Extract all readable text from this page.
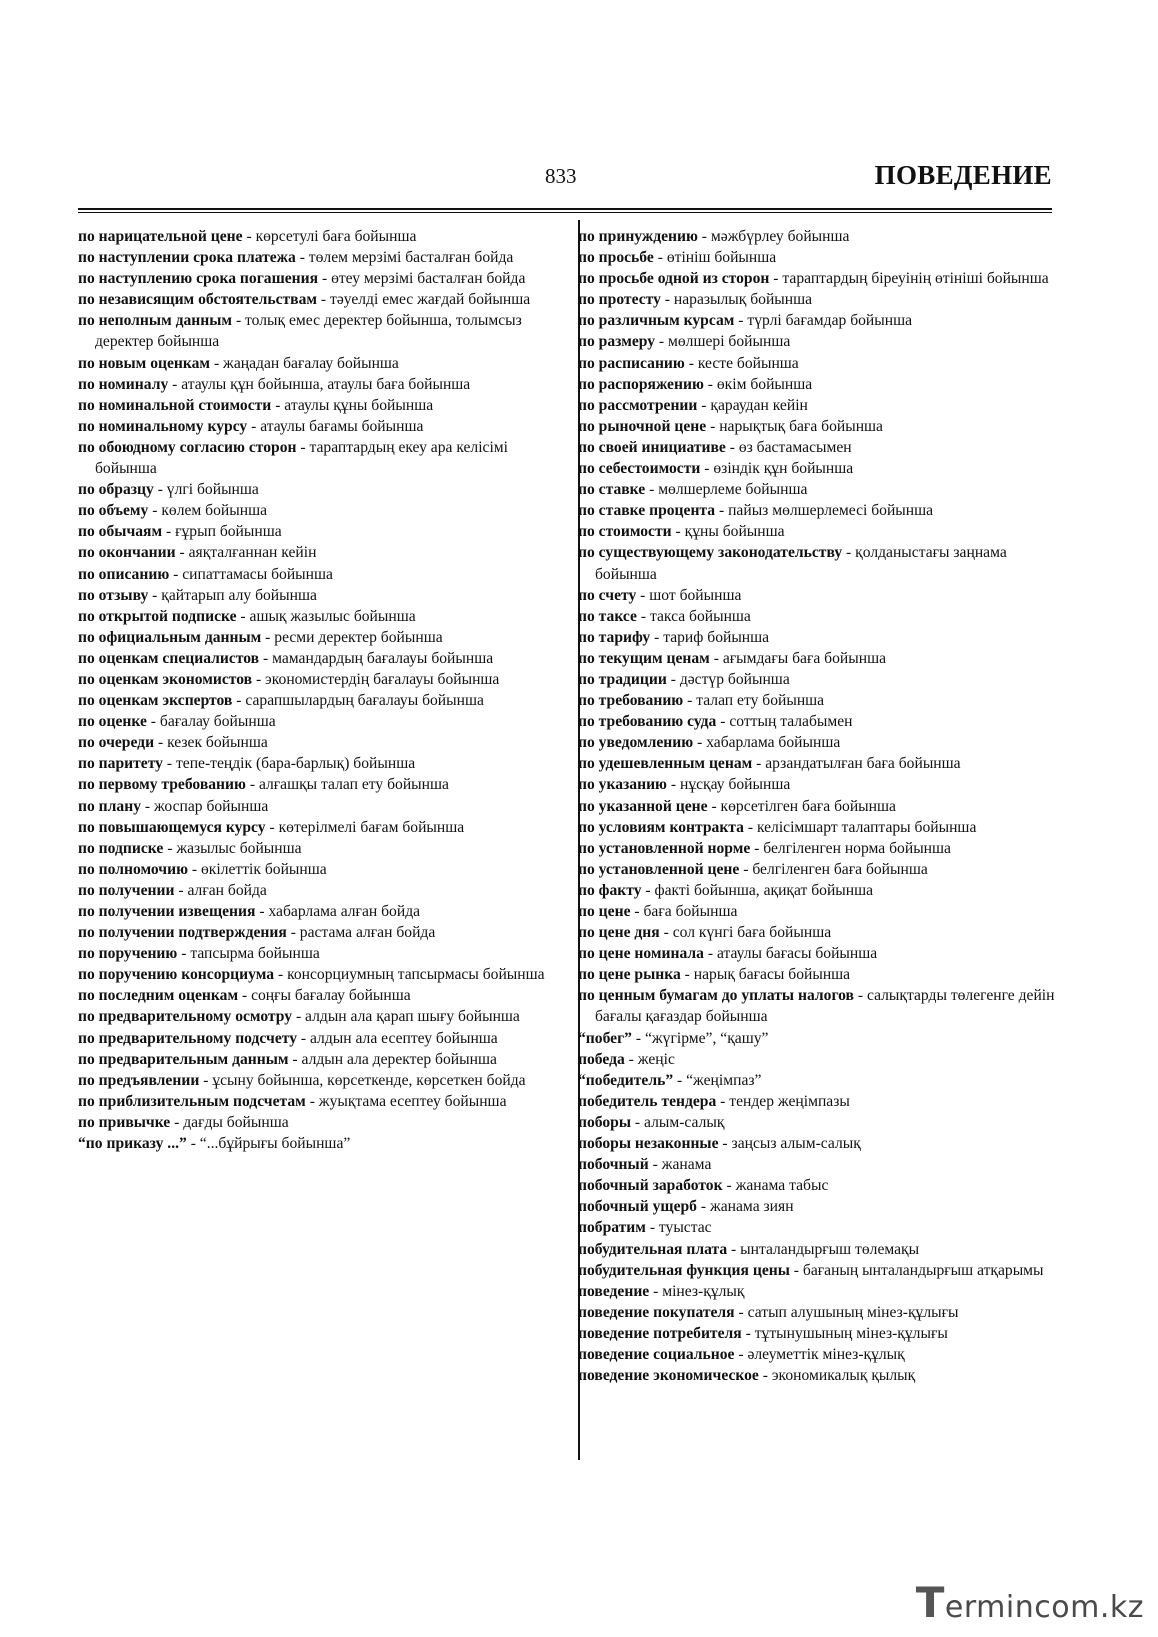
833	ПОВЕДЕНИЕ
по нарицательной цене - көрсетулі баға бойынша
по наступлении срока платежа - төлем мерзімі басталған бойда
по наступлению срока погашения - өтеу мерзімі басталған бойда
по независящим обстоятельствам - тәуелді емес жағдай бойынша
по неполным данным - толық емес деректер бойынша, толымсыз деректер бойынша
по новым оценкам - жаңадан бағалау бойынша
по номиналу - атаулы құн бойынша, атаулы баға бойынша
по номинальной стоимости - атаулы құны бойынша
по номинальному курсу - атаулы бағамы бойынша
по обоюдному согласию сторон - тараптардың екеу ара келісімі бойынша
по образцу - үлгі бойынша
по объему - көлем бойынша
по обычаям - ғұрып бойынша
по окончании - аяқталғаннан кейін
по описанию - сипаттамасы бойынша
по отзыву - қайтарып алу бойынша
по открытой подписке - ашық жазылыс бойынша
по официальным данным - ресми деректер бойынша
по оценкам специалистов - мамандардың бағалауы бойынша
по оценкам экономистов - экономистердің бағалауы бойынша
по оценкам экспертов - сарапшылардың бағалауы бойынша
по оценке - бағалау бойынша
по очереди - кезек бойынша
по паритету - тепе-теңдік (бара-барлық) бойынша
по первому требованию - алғашқы талап ету бойынша
по плану - жоспар бойынша
по повышающемуся курсу - көтерілмелі бағам бойынша
по подписке - жазылыс бойынша
по полномочию - өкілеттік бойынша
по получении - алған бойда
по получении извещения - хабарлама алған бойда
по получении подтверждения - растама алған бойда
по поручению - тапсырма бойынша
по поручению консорциума - консорциумның тапсырмасы бойынша
по последним оценкам - соңғы бағалау бойынша
по предварительному осмотру - алдын ала қарап шығу бойынша
по предварительному подсчету - алдын ала есептеу бойынша
по предварительным данным - алдын ала деректер бойынша
по предъявлении - ұсыну бойынша, көрсеткенде, көрсеткен бойда
по приблизительным подсчетам - жуықтама есептеу бойынша
по привычке - дағды бойынша
“по приказу ...” - “...бұйрығы бойынша”
по принуждению - мәжбүрлеу бойынша
по просьбе - өтініш бойынша
по просьбе одной из сторон - тараптардың біреуінің өтініші бойынша
по протесту - наразылық бойынша
по различным курсам - түрлі бағамдар бойынша
по размеру - мөлшері бойынша
по расписанию - кесте бойынша
по распоряжению - өкім бойынша
по рассмотрении - қараудан кейін
по рыночной цене - нарықтық баға бойынша
по своей инициативе - өз бастамасымен
по себестоимости - өзіндік құн бойынша
по ставке - мөлшерлеме бойынша
по ставке процента - пайыз мөлшерлемесі бойынша
по стоимости - құны бойынша
по существующему законодательству - қолданыстағы заңнама бойынша
по счету - шот бойынша
по таксе - такса бойынша
по тарифу - тариф бойынша
по текущим ценам - ағымдағы баға бойынша
по традиции - дәстүр бойынша
по требованию - талап ету бойынша
по требованию суда - соттың талабымен
по уведомлению - хабарлама бойынша
по удешевленным ценам - арзандатылған баға бойынша
по указанию - нұсқау бойынша
по указанной цене - көрсетілген баға бойынша
по условиям контракта - келісімшарт талаптары бойынша
по установленной норме - белгіленген норма бойынша
по установленной цене - белгіленген баға бойынша
по факту - факті бойынша, ақиқат бойынша
по цене - баға бойынша
по цене дня - сол күнгі баға бойынша
по цене номинала - атаулы бағасы бойынша
по цене рынка - нарық бағасы бойынша
по ценным бумагам до уплаты налогов - салықтарды төлегенге дейін бағалы қағаздар бойынша
“побег” - “жүгірме”, “қашу”
победа - жеңіс
“победитель” - “жеңімпаз”
победитель тендера - тендер жеңімпазы
поборы - алым-салық
поборы незаконные - заңсыз алым-салық
побочный - жанама
побочный заработок - жанама табыс
побочный ущерб - жанама зиян
побратим - туыстас
побудительная плата - ынталандырғыш төлемақы
побудительная функция цены - бағаның ынталандырғыш атқарымы
поведение - мінез-құлық
поведение покупателя - сатып алушының мінез-құлығы
поведение потребителя - тұтынушының мінез-құлығы
поведение социальное - әлеуметтік мінез-құлық
поведение экономическое - экономикалық қылық
Termincom.kz
